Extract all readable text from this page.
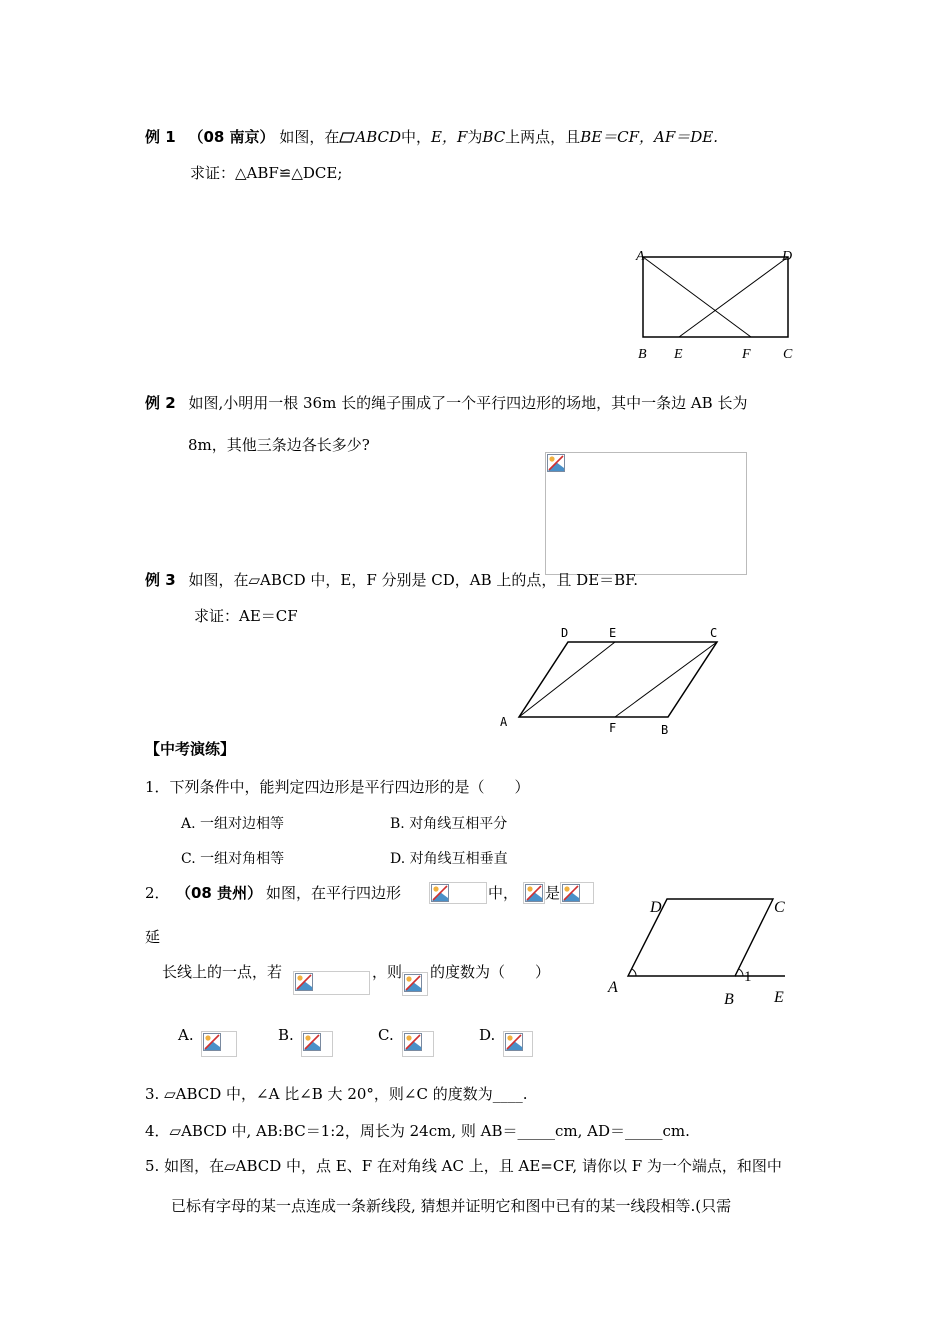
例 1 （08 南京） 如图，在 ABCD中，E，F为BC上两点，且BE＝CF，AF＝DE.
求证：△ABF≌△DCE;
A	D
B E	F C
例 2 如图,小明用一根 36m 长的绳子围成了一个平行四边形的场地，其中一条边 AB 长为
8m，其他三条边各长多少?
例 3 如图，在▱ABCD 中，E，F 分别是 CD，AB 上的点，且 DE＝BF.
求证：AE＝CF
D	E	C
A	F	B
【中考演练】
1．下列条件中，能判定四边形是平行四边形的是（　　）
A. 一组对边相等	B. 对角线互相平分
C. 一组对角相等	D. 对角线互相垂直
2． （08 贵州） 如图，在平行四边形	中， 是
延
长线上的一点，若	，则 的度数为（　　）
A.	B.	C.	D.
D	C
A
B	E
1
3. ▱ABCD 中，∠A 比∠B 大 20°，则∠C 的度数为____.
4．▱ABCD 中, AB:BC＝1:2，周长为 24cm, 则 AB＝_____cm, AD＝_____cm.
5. 如图，在▱ABCD 中，点 E、F 在对角线 AC 上，且 AE=CF, 请你以 F 为一个端点，和图中
已标有字母的某一点连成一条新线段, 猜想并证明它和图中已有的某一线段相等.(只需
